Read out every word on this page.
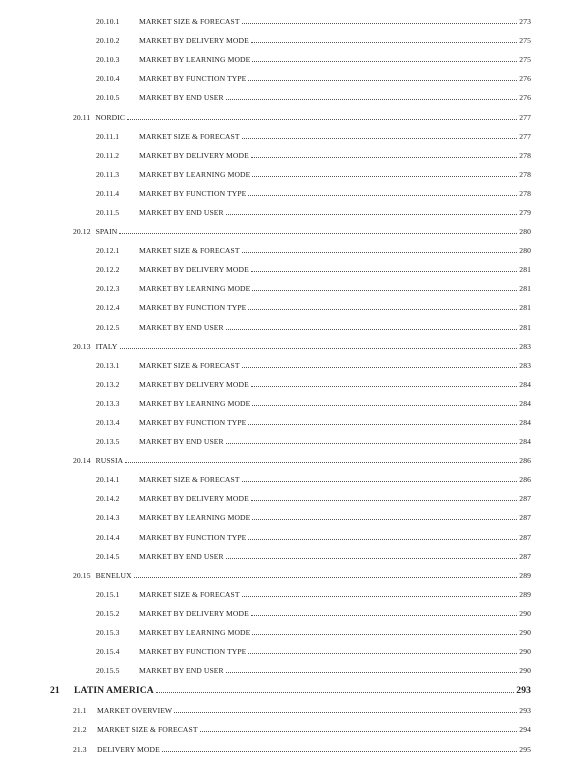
20.10.1	MARKET SIZE & FORECAST	273
20.10.2	MARKET BY DELIVERY MODE	275
20.10.3	MARKET BY LEARNING MODE	275
20.10.4	MARKET BY FUNCTION TYPE	276
20.10.5	MARKET BY END USER	276
20.11 NORDIC	277
20.11.1	MARKET SIZE & FORECAST	277
20.11.2	MARKET BY DELIVERY MODE	278
20.11.3	MARKET BY LEARNING MODE	278
20.11.4	MARKET BY FUNCTION TYPE	278
20.11.5	MARKET BY END USER	279
20.12 SPAIN	280
20.12.1	MARKET SIZE & FORECAST	280
20.12.2	MARKET BY DELIVERY MODE	281
20.12.3	MARKET BY LEARNING MODE	281
20.12.4	MARKET BY FUNCTION TYPE	281
20.12.5	MARKET BY END USER	281
20.13 ITALY	283
20.13.1	MARKET SIZE & FORECAST	283
20.13.2	MARKET BY DELIVERY MODE	284
20.13.3	MARKET BY LEARNING MODE	284
20.13.4	MARKET BY FUNCTION TYPE	284
20.13.5	MARKET BY END USER	284
20.14 RUSSIA	286
20.14.1	MARKET SIZE & FORECAST	286
20.14.2	MARKET BY DELIVERY MODE	287
20.14.3	MARKET BY LEARNING MODE	287
20.14.4	MARKET BY FUNCTION TYPE	287
20.14.5	MARKET BY END USER	287
20.15 BENELUX	289
20.15.1	MARKET SIZE & FORECAST	289
20.15.2	MARKET BY DELIVERY MODE	290
20.15.3	MARKET BY LEARNING MODE	290
20.15.4	MARKET BY FUNCTION TYPE	290
20.15.5	MARKET BY END USER	290
21	LATIN AMERICA	293
21.1	MARKET OVERVIEW	293
21.2	MARKET SIZE & FORECAST	294
21.3	DELIVERY MODE	295
